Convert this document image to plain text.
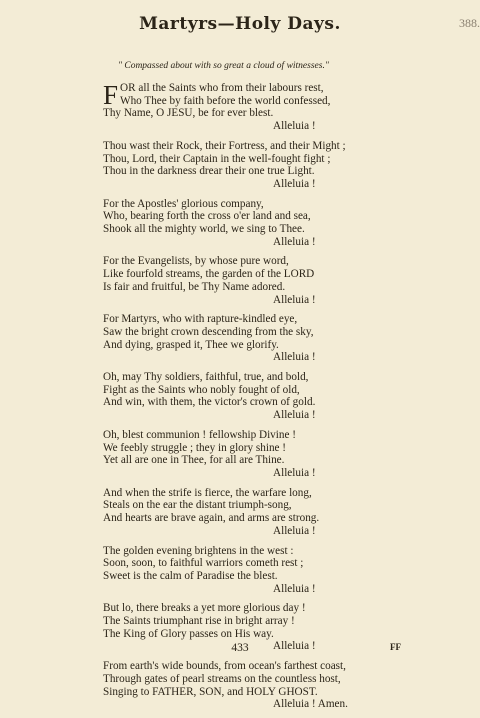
Martyrs—Holy Days.	388.
" Compassed about with so great a cloud of witnesses."
FOR all the Saints who from their labours rest,
Who Thee by faith before the world confessed,
Thy Name, O JESU, be for ever blest.
Alleluia !
Thou wast their Rock, their Fortress, and their Might ;
Thou, Lord, their Captain in the well-fought fight ;
Thou in the darkness drear their one true Light.
Alleluia !
For the Apostles' glorious company,
Who, bearing forth the cross o'er land and sea,
Shook all the mighty world, we sing to Thee.
Alleluia !
For the Evangelists, by whose pure word,
Like fourfold streams, the garden of the LORD
Is fair and fruitful, be Thy Name adored.
Alleluia !
For Martyrs, who with rapture-kindled eye,
Saw the bright crown descending from the sky,
And dying, grasped it, Thee we glorify.
Alleluia !
Oh, may Thy soldiers, faithful, true, and bold,
Fight as the Saints who nobly fought of old,
And win, with them, the victor's crown of gold.
Alleluia !
Oh, blest communion ! fellowship Divine !
We feebly struggle ; they in glory shine !
Yet all are one in Thee, for all are Thine.
Alleluia !
And when the strife is fierce, the warfare long,
Steals on the ear the distant triumph-song,
And hearts are brave again, and arms are strong.
Alleluia !
The golden evening brightens in the west :
Soon, soon, to faithful warriors cometh rest ;
Sweet is the calm of Paradise the blest.
Alleluia !
But lo, there breaks a yet more glorious day !
The Saints triumphant rise in bright array !
The King of Glory passes on His way.
Alleluia !
From earth's wide bounds, from ocean's farthest coast,
Through gates of pearl streams on the countless host,
Singing to FATHER, SON, and HOLY GHOST.
Alleluia ! Amen.
433	FF
